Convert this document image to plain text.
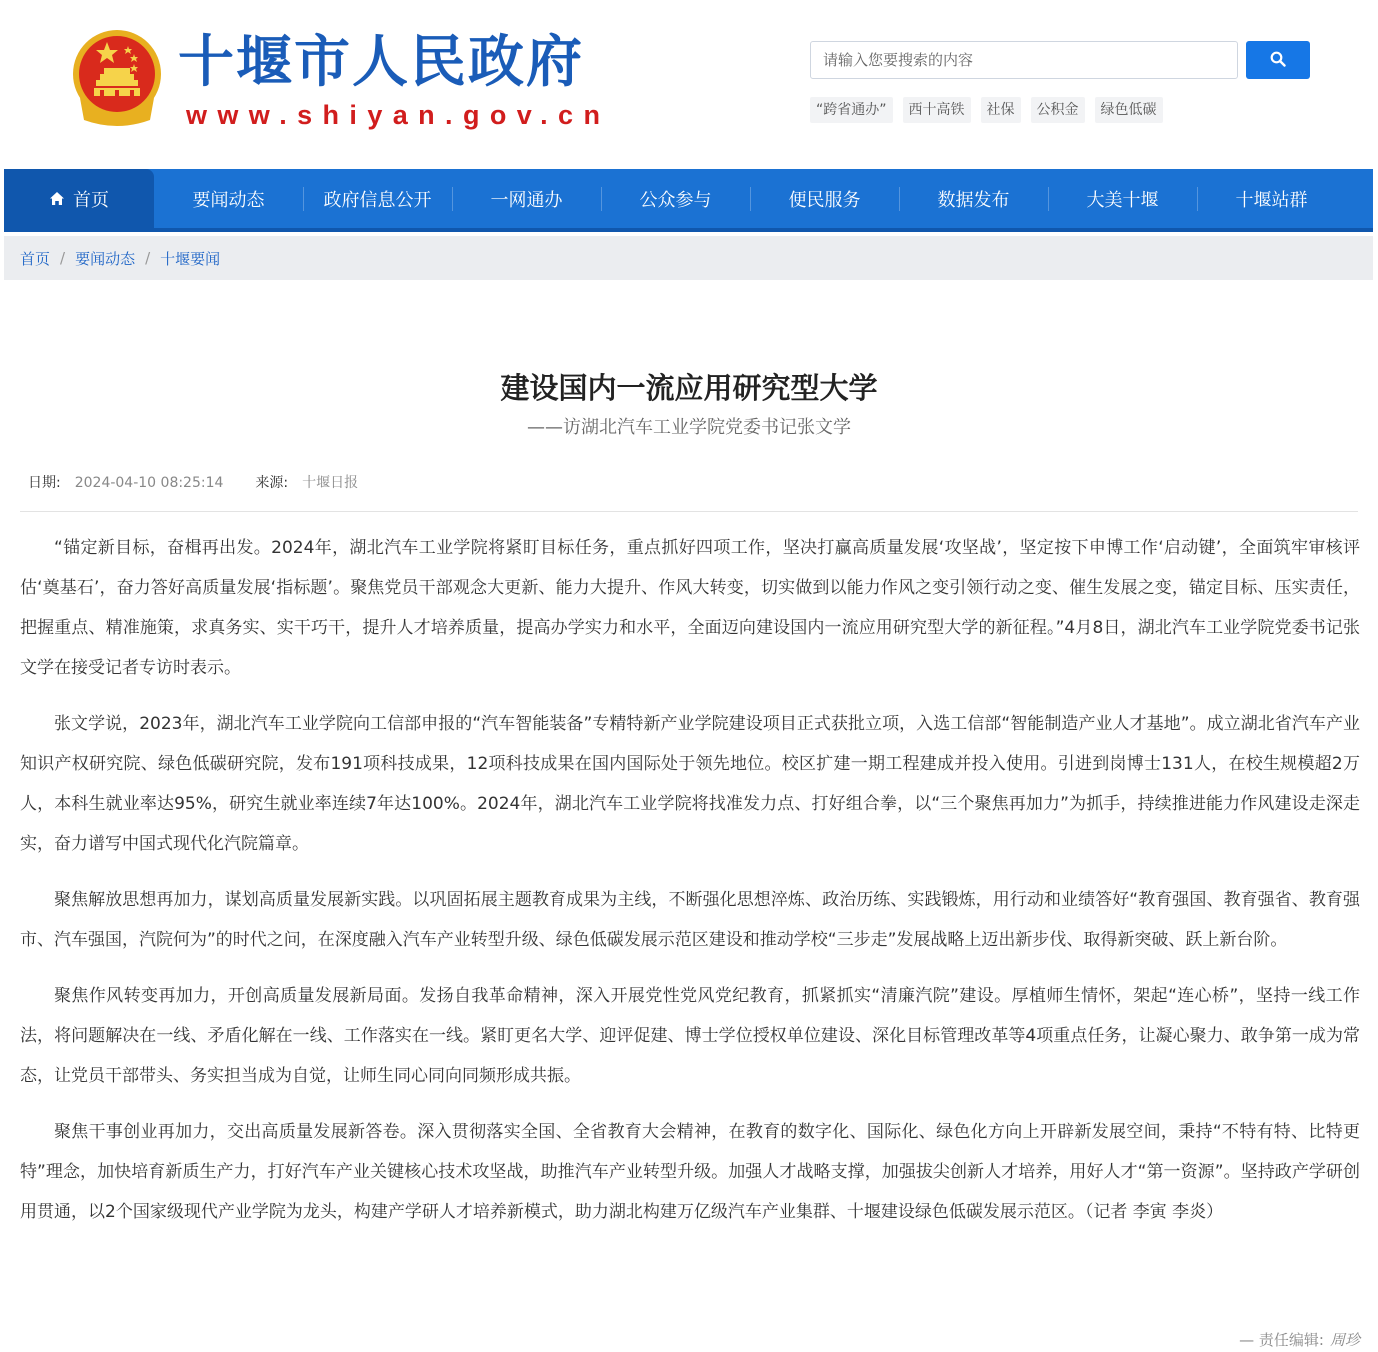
十堰市人民政府
www.shiyan.gov.cn
请输入您要搜索的内容	“跨省通办”	西十高铁	社保	公积金	绿色低碳
首页	要闻动态	政府信息公开	一网通办	公众参与	便民服务	数据发布	大美十堰	十堰站群
首页 / 要闻动态 / 十堰要闻
建设国内一流应用研究型大学
——访湖北汽车工业学院党委书记张文学
日期: 2024-04-10 08:25:14 来源: 十堰日报

“锚定新目标，奋楫再出发。2024年，湖北汽车工业学院将紧盯目标任务，重点抓好四项工作，坚决打赢高质量发展‘攻坚战’，坚定按下申博工作‘启动键’，全面筑牢审核评估‘奠基石’，奋力答好高质量发展‘指标题’。聚焦党员干部观念大更新、能力大提升、作风大转变，切实做到以能力作风之变引领行动之变、催生发展之变，锚定目标、压实责任，把握重点、精准施策，求真务实、实干巧干，提升人才培养质量，提高办学实力和水平，全面迈向建设国内一流应用研究型大学的新征程。”4月8日，湖北汽车工业学院党委书记张文学在接受记者专访时表示。

张文学说，2023年，湖北汽车工业学院向工信部申报的“汽车智能装备”专精特新产业学院建设项目正式获批立项，入选工信部“智能制造产业人才基地”。成立湖北省汽车产业知识产权研究院、绿色低碳研究院，发布191项科技成果，12项科技成果在国内国际处于领先地位。校区扩建一期工程建成并投入使用。引进到岗博士131人，在校生规模超2万人，本科生就业率达95%，研究生就业率连续7年达100%。2024年，湖北汽车工业学院将找准发力点、打好组合拳，以“三个聚焦再加力”为抓手，持续推进能力作风建设走深走实，奋力谱写中国式现代化汽院篇章。

聚焦解放思想再加力，谋划高质量发展新实践。以巩固拓展主题教育成果为主线，不断强化思想淬炼、政治历练、实践锻炼，用行动和业绩答好“教育强国、教育强省、教育强市、汽车强国，汽院何为”的时代之问，在深度融入汽车产业转型升级、绿色低碳发展示范区建设和推动学校“三步走”发展战略上迈出新步伐、取得新突破、跃上新台阶。

聚焦作风转变再加力，开创高质量发展新局面。发扬自我革命精神，深入开展党性党风党纪教育，抓紧抓实“清廉汽院”建设。厚植师生情怀，架起“连心桥”，坚持一线工作法，将问题解决在一线、矛盾化解在一线、工作落实在一线。紧盯更名大学、迎评促建、博士学位授权单位建设、深化目标管理改革等4项重点任务，让凝心聚力、敢争第一成为常态，让党员干部带头、务实担当成为自觉，让师生同心同向同频形成共振。

聚焦干事创业再加力，交出高质量发展新答卷。深入贯彻落实全国、全省教育大会精神，在教育的数字化、国际化、绿色化方向上开辟新发展空间，秉持“不特有特、比特更特”理念，加快培育新质生产力，打好汽车产业关键核心技术攻坚战，助推汽车产业转型升级。加强人才战略支撑，加强拔尖创新人才培养，用好人才“第一资源”。坚持政产学研创用贯通，以2个国家级现代产业学院为龙头，构建产学研人才培养新模式，助力湖北构建万亿级汽车产业集群、十堰建设绿色低碳发展示范区。（记者 李寅 李炎）

— 责任编辑: 周珍
